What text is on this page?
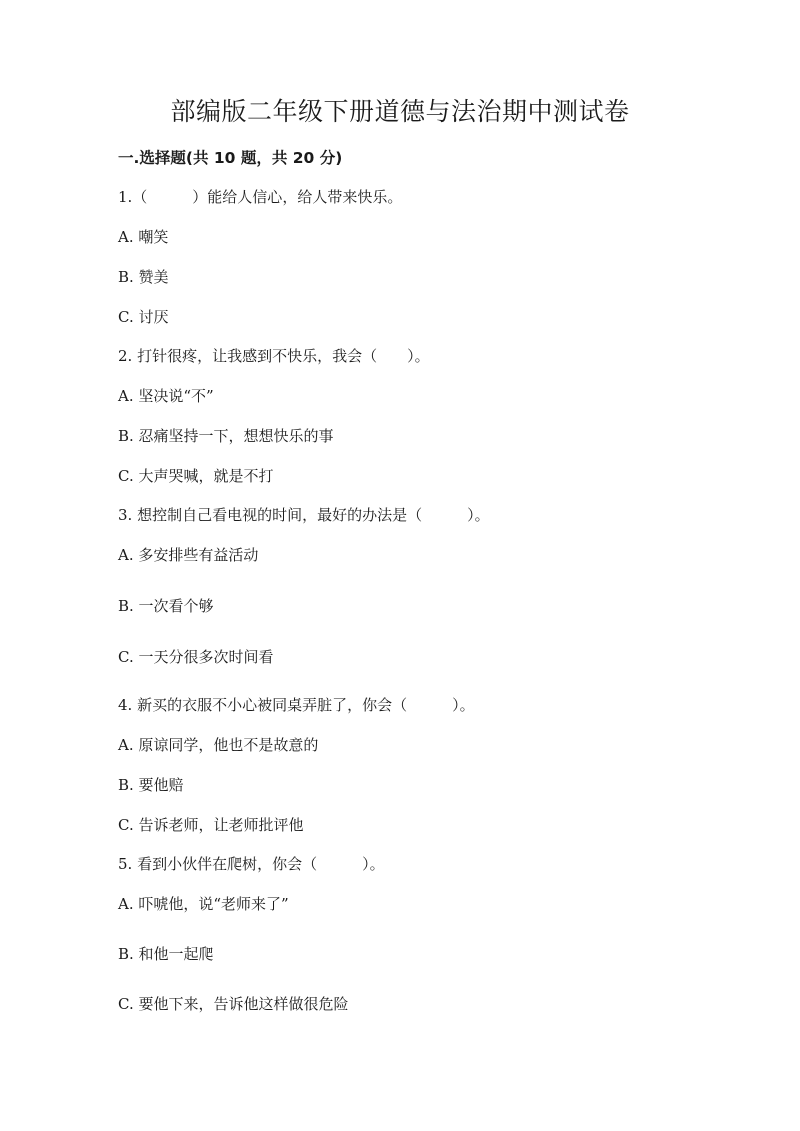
部编版二年级下册道德与法治期中测试卷
一.选择题(共 10 题，共 20 分)
1.（　　　）能给人信心，给人带来快乐。
A. 嘲笑
B. 赞美
C. 讨厌
2. 打针很疼，让我感到不快乐，我会（　　）。
A. 坚决说“不”
B. 忍痛坚持一下，想想快乐的事
C. 大声哭喊，就是不打
3. 想控制自己看电视的时间，最好的办法是（　　　）。
A. 多安排些有益活动
B. 一次看个够
C. 一天分很多次时间看
4. 新买的衣服不小心被同桌弄脏了，你会（　　　）。
A. 原谅同学，他也不是故意的
B. 要他赔
C. 告诉老师，让老师批评他
5. 看到小伙伴在爬树，你会（　　　）。
A. 吓唬他，说“老师来了”
B. 和他一起爬
C. 要他下来，告诉他这样做很危险
